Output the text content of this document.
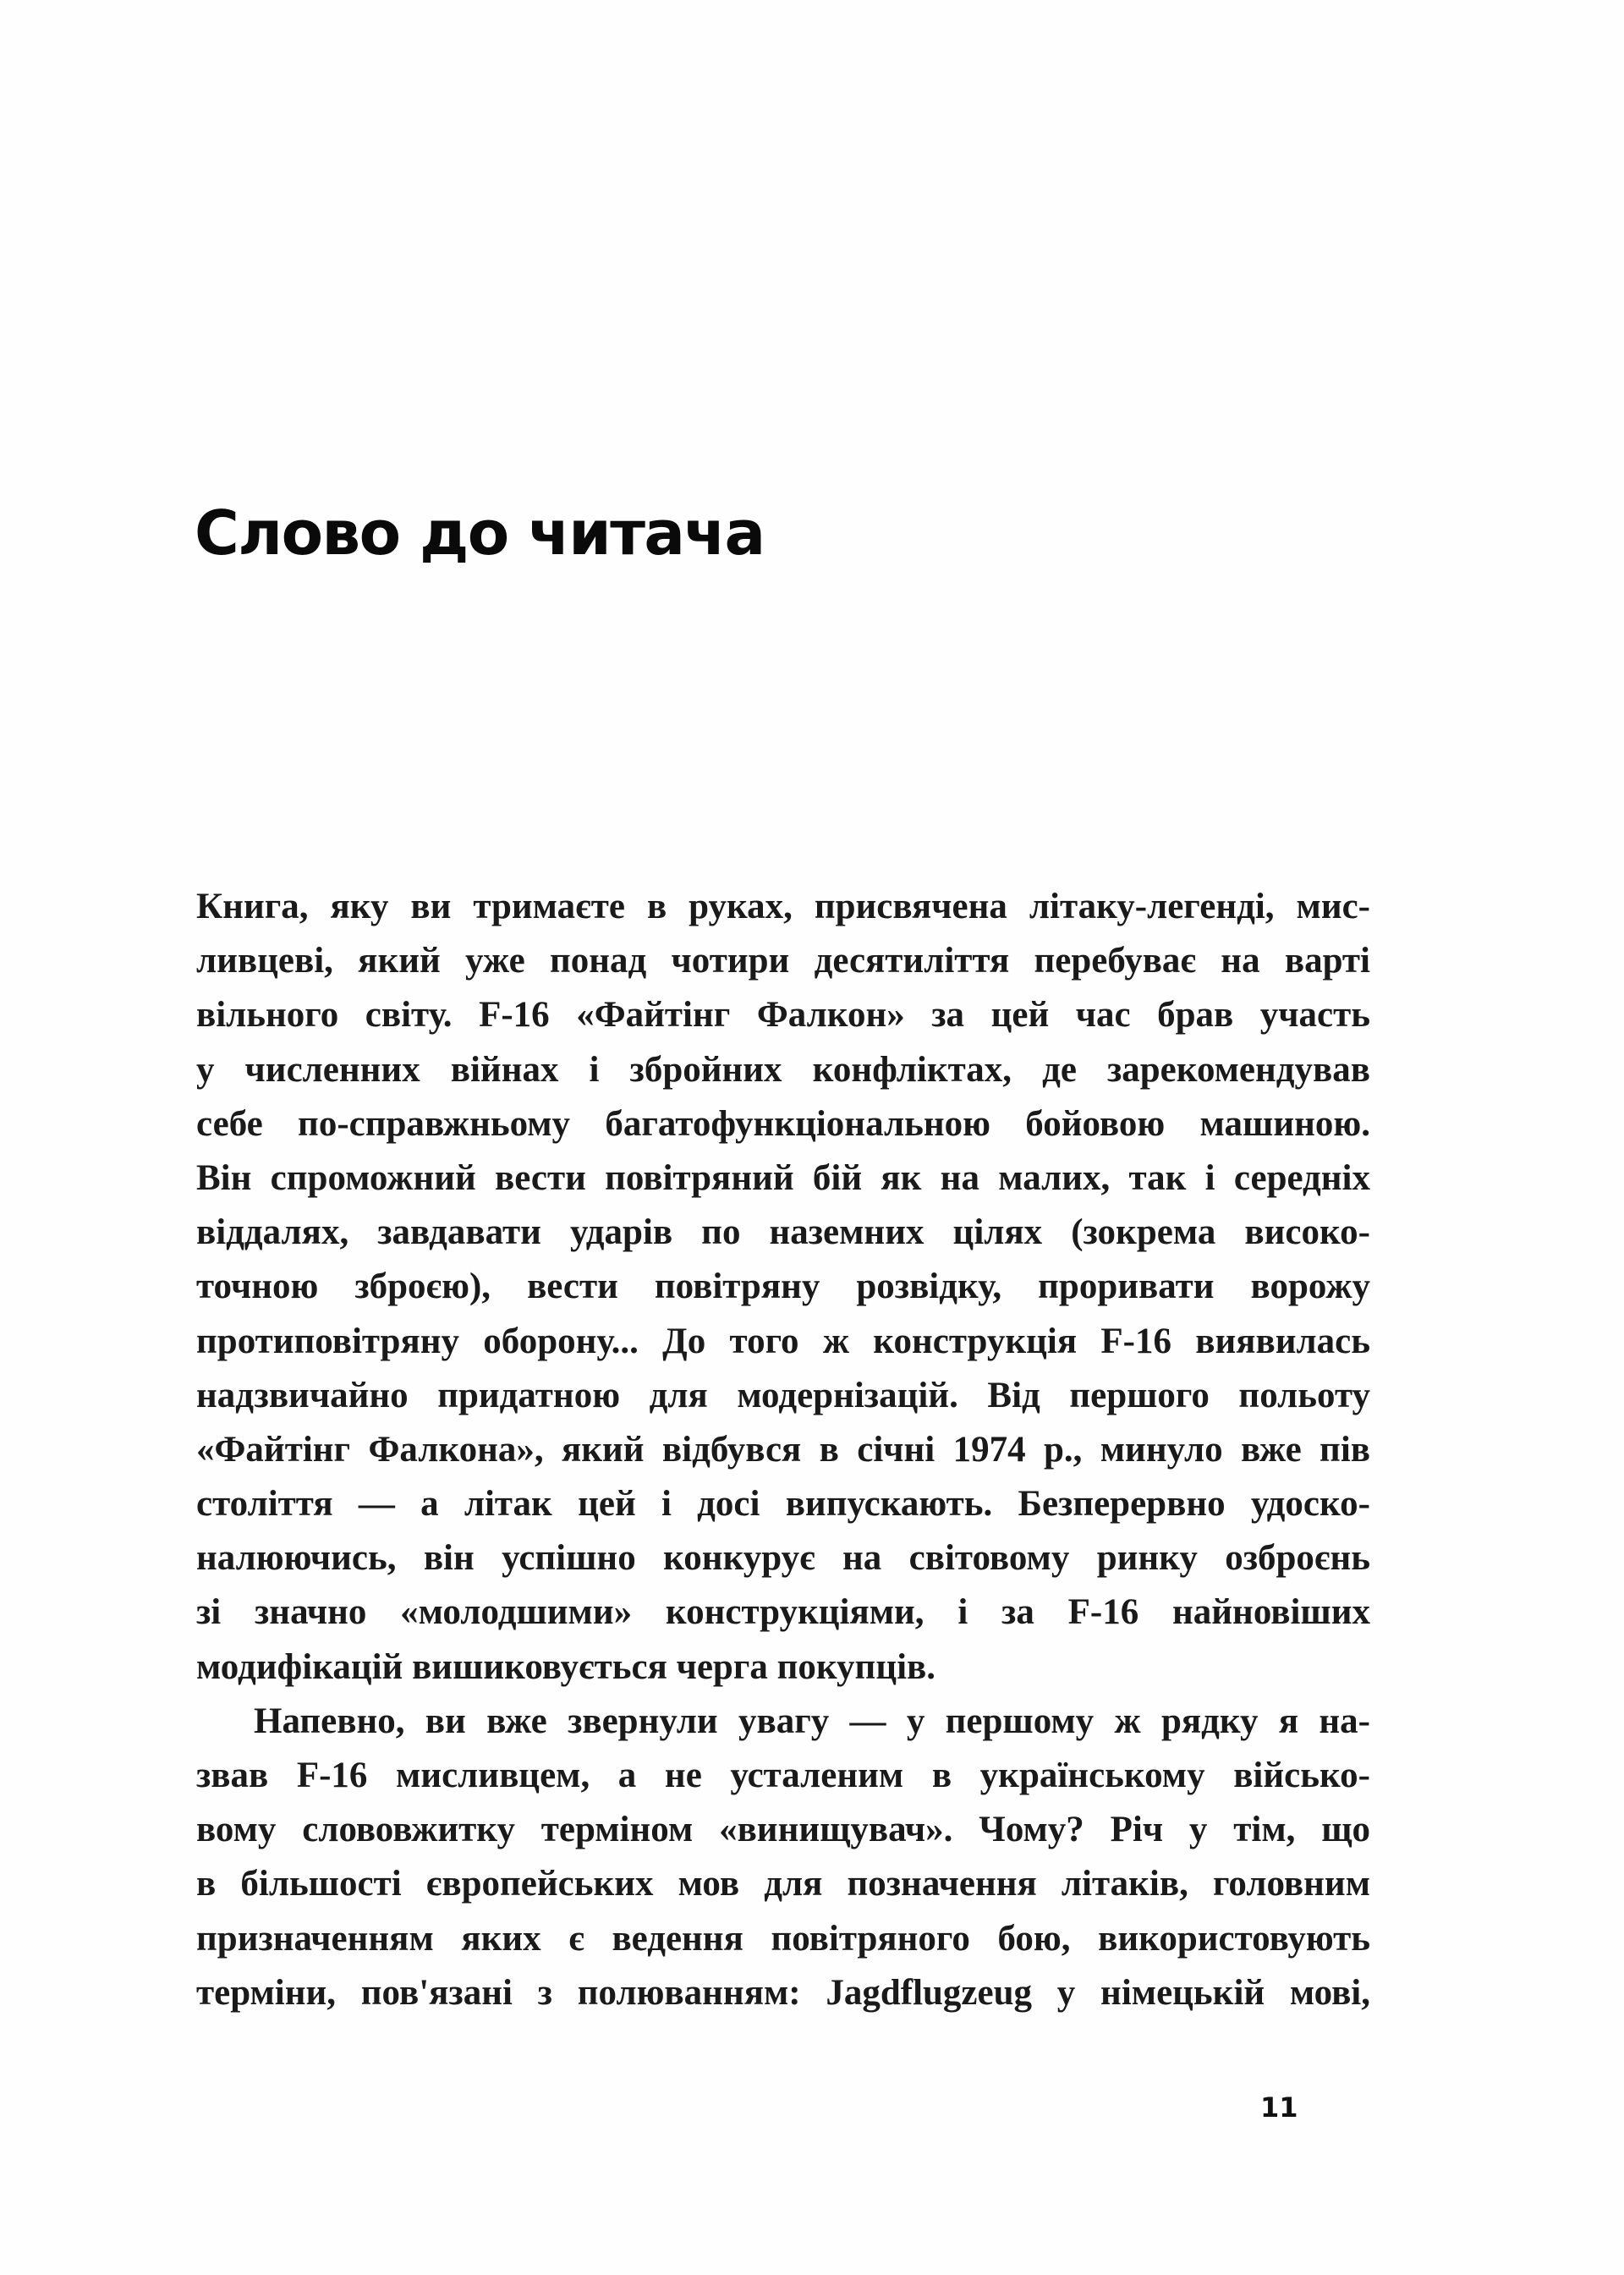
Слово до читача
Книга, яку ви тримаєте в руках, присвячена літаку-легенді, мис-
ливцеві, який уже понад чотири десятиліття перебуває на варті
вільного світу. F-16 «Файтінг Фалкон» за цей час брав участь
у численних війнах і збройних конфліктах, де зарекомендував
себе по-справжньому багатофункціональною бойовою машиною.
Він спроможний вести повітряний бій як на малих, так і середніх
віддалях, завдавати ударів по наземних цілях (зокрема високо-
точною зброєю), вести повітряну розвідку, проривати ворожу
протиповітряну оборону... До того ж конструкція F-16 виявилась
надзвичайно придатною для модернізацій. Від першого польоту
«Файтінг Фалкона», який відбувся в січні 1974 р., минуло вже пів
століття — а літак цей і досі випускають. Безперервно удоско-
налюючись, він успішно конкурує на світовому ринку озброєнь
зі значно «молодшими» конструкціями, і за F-16 найновіших
модифікацій вишиковується черга покупців.
Напевно, ви вже звернули увагу — у першому ж рядку я на-
звав F-16 мисливцем, а не усталеним в українському військо-
вому слововжитку терміном «винищувач». Чому? Річ у тім, що
в більшості європейських мов для позначення літаків, головним
призначенням яких є ведення повітряного бою, використовують
терміни, пов'язані з полюванням: Jagdflugzeug у німецькій мові,
11
